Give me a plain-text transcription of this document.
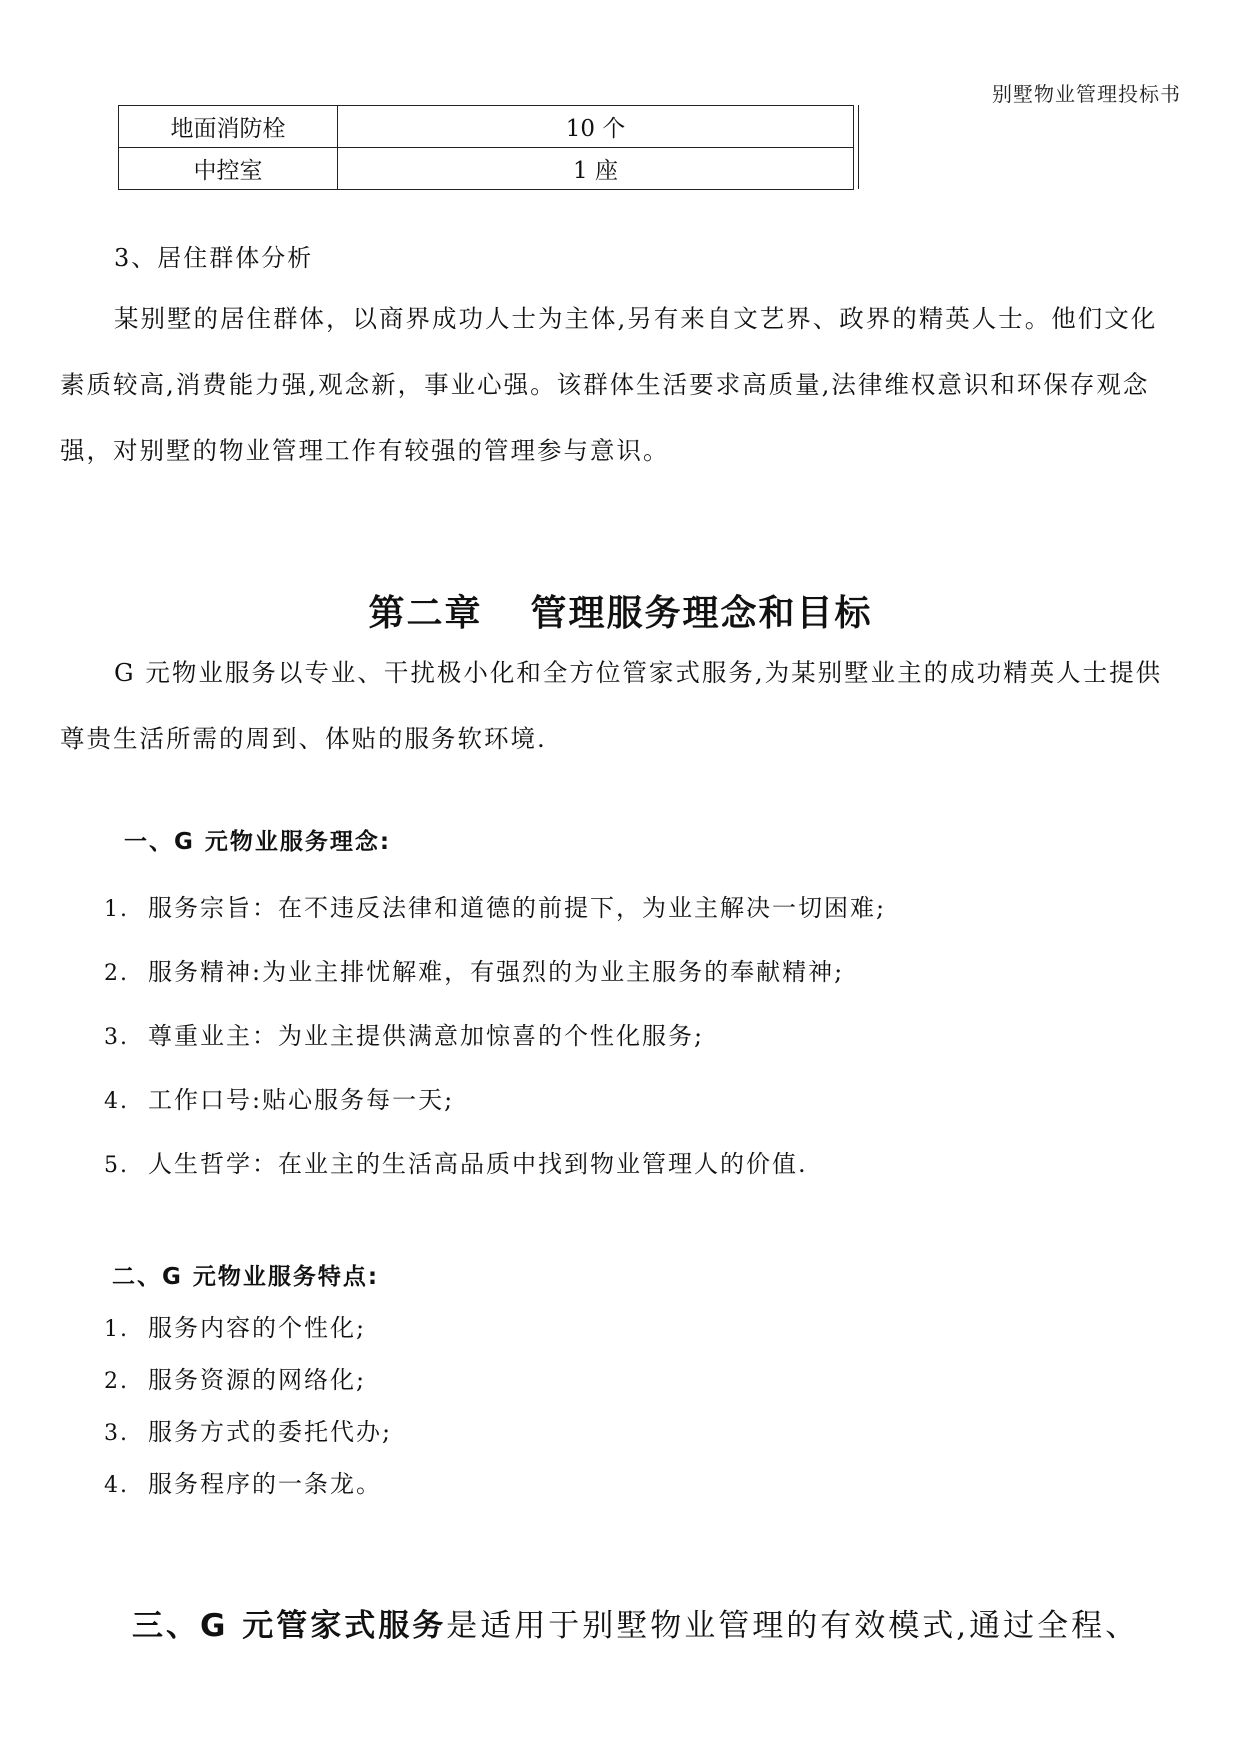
别墅物业管理投标书
地面消防栓	10 个
中控室	1 座

3、居住群体分析

某别墅的居住群体，以商界成功人士为主体,另有来自文艺界、政界的精英人士。他们文化素质较高,消费能力强,观念新，事业心强。该群体生活要求高质量,法律维权意识和环保存观念强，对别墅的物业管理工作有较强的管理参与意识。

第二章 管理服务理念和目标

G 元物业服务以专业、干扰极小化和全方位管家式服务,为某别墅业主的成功精英人士提供尊贵生活所需的周到、体贴的服务软环境.

一、G 元物业服务理念:
1. 服务宗旨：在不违反法律和道德的前提下，为业主解决一切困难;
2. 服务精神:为业主排忧解难，有强烈的为业主服务的奉献精神;
3. 尊重业主：为业主提供满意加惊喜的个性化服务;
4. 工作口号:贴心服务每一天;
5. 人生哲学：在业主的生活高品质中找到物业管理人的价值.
二、G 元物业服务特点:
1. 服务内容的个性化;
2. 服务资源的网络化;
3. 服务方式的委托代办;
4. 服务程序的一条龙。
三、G 元管家式服务是适用于别墅物业管理的有效模式,通过全程、
